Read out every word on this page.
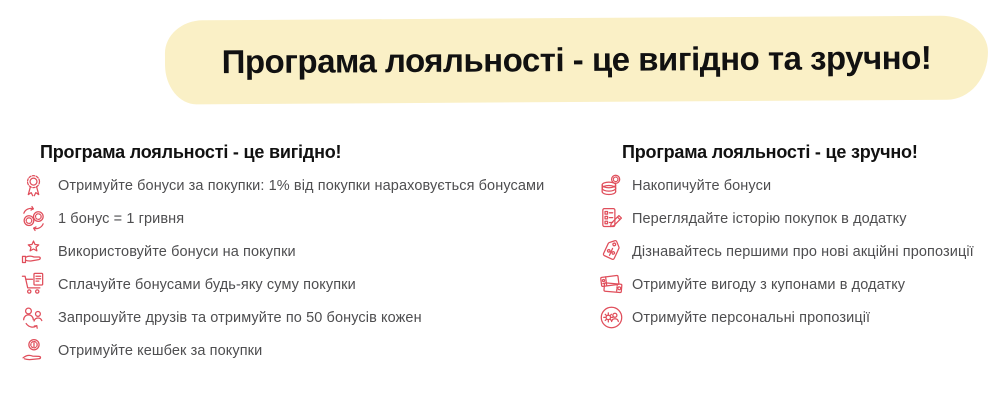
Програма лояльності - це вигідно та зручно!
Програма лояльності - це вигідно!
Отримуйте бонуси за покупки: 1% від покупки нараховується бонусами
1 бонус = 1 гривня
Використовуйте бонуси на покупки
Сплачуйте бонусами будь-яку суму покупки
Запрошуйте друзів та отримуйте по 50 бонусів кожен
Отримуйте кешбек за покупки
Програма лояльності - це зручно!
Накопичуйте бонуси
Переглядайте історію покупок в додатку
Дізнавайтесь першими про нові акційні пропозиції
Отримуйте вигоду з купонами в додатку
Отримуйте персональні пропозиції
